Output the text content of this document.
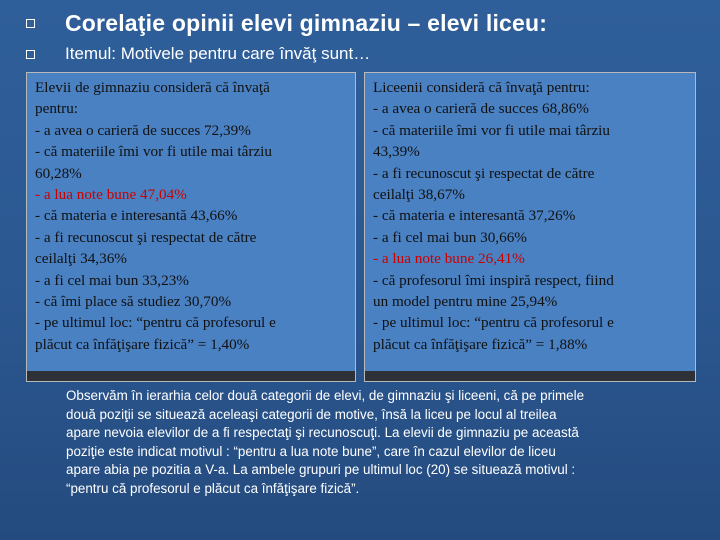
Corelaţie opinii elevi gimnaziu – elevi liceu:
Itemul: Motivele pentru care învăţ sunt…

Elevii de gimnaziu consideră că învaţă

pentru:

- a avea o carieră de succes 72,39%

- că materiile îmi vor fi utile mai târziu

60,28%

- a lua note bune 47,04%

- că materia e interesantă 43,66%

- a fi recunoscut şi respectat de către

ceilalţi 34,36%

- a fi cel mai bun 33,23%

- că îmi place să studiez 30,70%

- pe ultimul loc: “pentru că profesorul e

plăcut ca înfăţişare fizică” = 1,40%

Liceenii consideră că învaţă pentru:

- a avea o carieră de succes 68,86%

- că materiile îmi vor fi utile mai târziu

43,39%

- a fi recunoscut şi respectat de către

ceilalţi 38,67%

- că materia e interesantă 37,26%

- a fi cel mai bun 30,66%

- a lua note bune 26,41%

- că profesorul îmi inspiră respect, fiind

un model pentru mine 25,94%

- pe ultimul loc: “pentru că profesorul e

plăcut ca înfăţişare fizică” = 1,88%

Observăm în ierarhia celor două categorii de elevi, de gimnaziu şi liceeni, că pe primele

două poziţii se situează aceleaşi categorii de motive, însă la liceu pe locul al treilea

apare nevoia elevilor de a fi respectaţi şi recunoscuţi. La elevii de gimnaziu pe această

poziţie este indicat motivul : “pentru a lua note bune”, care în cazul elevilor de liceu

apare abia pe pozitia a V-a. La ambele grupuri pe ultimul loc (20) se situează motivul :

“pentru că profesorul e plăcut ca înfăţişare fizică”.
